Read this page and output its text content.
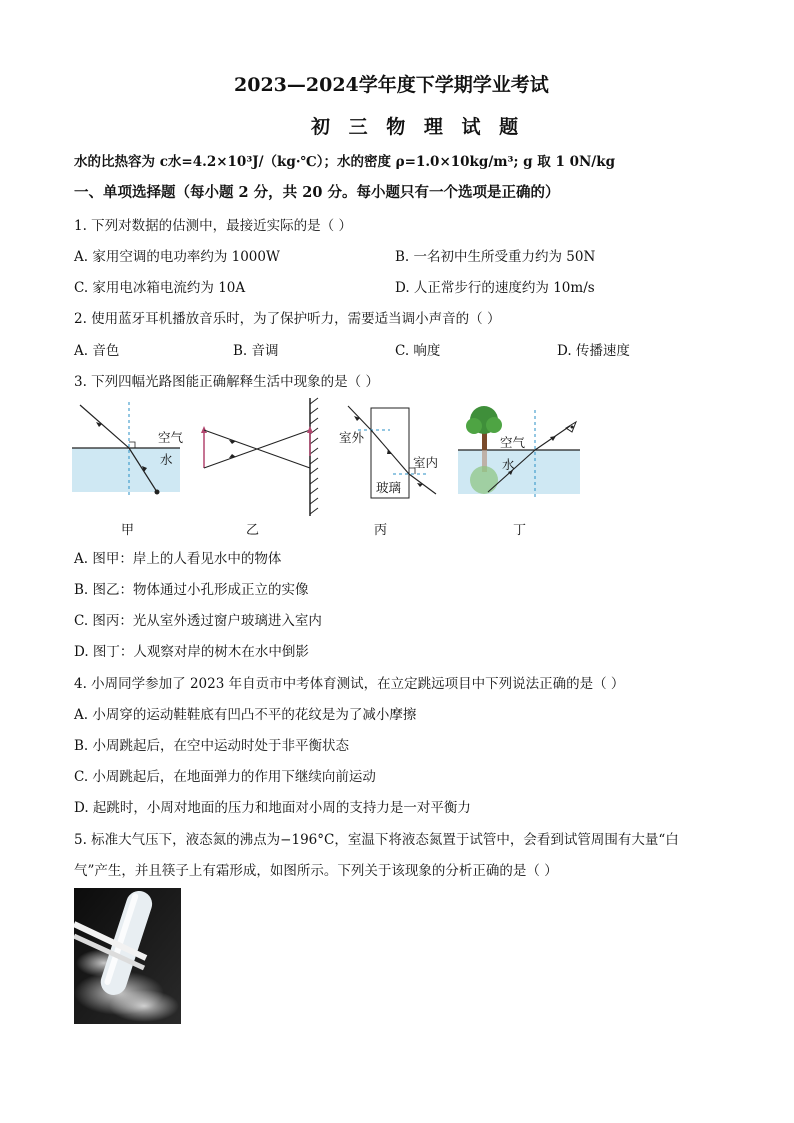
2023—2024学年度下学期学业考试
初 三 物 理 试 题
水的比热容为 c水=4.2×10³J/（kg·℃）；水的密度 ρ=1.0×10kg/m³; g 取 1 0N/kg
一、单项选择题（每小题 2 分，共 20 分。每小题只有一个选项是正确的）
1. 下列对数据的估测中，最接近实际的是（ ）
A. 家用空调的电功率约为 1000W	B. 一名初中生所受重力约为 50N
C. 家用电冰箱电流约为 10A	D. 人正常步行的速度约为 10m/s
2. 使用蓝牙耳机播放音乐时，为了保护听力，需要适当调小声音的（ ）
A. 音色	B. 音调	C. 响度	D. 传播速度
3. 下列四幅光路图能正确解释生活中现象的是（ ）
空气
水
甲	乙
室外
室内
玻璃
丙
空气
水
丁
A. 图甲：岸上的人看见水中的物体
B. 图乙：物体通过小孔形成正立的实像
C. 图丙：光从室外透过窗户玻璃进入室内
D. 图丁：人观察对岸的树木在水中倒影
4. 小周同学参加了 2023 年自贡市中考体育测试，在立定跳远项目中下列说法正确的是（ ）
A. 小周穿的运动鞋鞋底有凹凸不平的花纹是为了减小摩擦
B. 小周跳起后，在空中运动时处于非平衡状态
C. 小周跳起后，在地面弹力的作用下继续向前运动
D. 起跳时，小周对地面的压力和地面对小周的支持力是一对平衡力
5. 标准大气压下，液态氮的沸点为−196°C，室温下将液态氮置于试管中，会看到试管周围有大量“白
气”产生，并且筷子上有霜形成，如图所示。下列关于该现象的分析正确的是（ ）
